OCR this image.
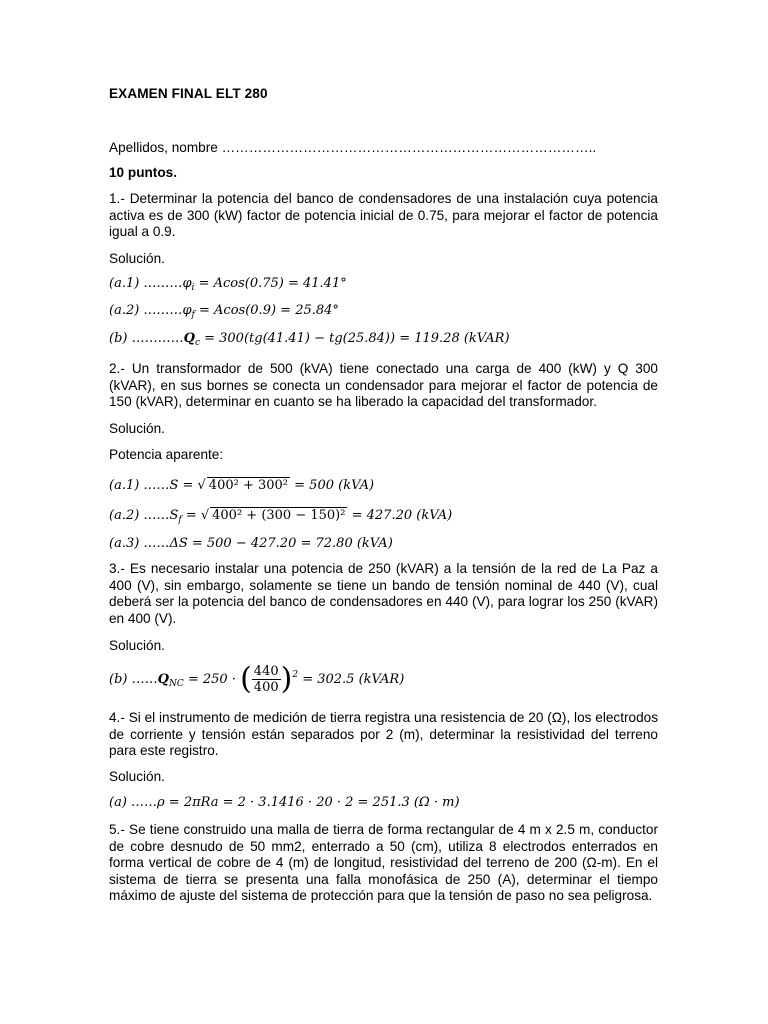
EXAMEN FINAL ELT 280
Apellidos, nombre ………………………………………………………………………..
10 puntos.
1.- Determinar la potencia del banco de condensadores de una instalación cuya potencia activa es de 300 (kW) factor de potencia inicial de 0.75, para mejorar el factor de potencia igual a 0.9.
Solución.
(a.1) $\dots\dots\dots\varphi_i = Acos(0.75) = 41.41^\circ$
(a.2) $\dots\dots\dots\varphi_f = Acos(0.9) = 25.84^\circ$
(b) $\dots\dots\dots\dots Q_c = 300(tg(41.41) - tg(25.84)) = 119.28$ (kVAR)
2.- Un transformador de 500 (kVA) tiene conectado una carga de 400 (kW) y Q 300 (kVAR), en sus bornes se conecta un condensador para mejorar el factor de potencia de 150 (kVAR), determinar en cuanto se ha liberado la capacidad del transformador.
Solución.
Potencia aparente:
(a.1) ……S = √ 400² + 300² = 500 (kVA)
(a.2) $\dots\dots S_f$ = √ 400² + (300 − 150)² = 427.20 (kVA)
(a.3) ……ΔS = 500 − 427.20 = 72.80 (kVA)
3.- Es necesario instalar una potencia de 250 (kVAR) a la tensión de la red de La Paz a 400 (V), sin embargo, solamente se tiene un bando de tensión nominal de 440 (V), cual deberá ser la potencia del banco de condensadores en 440 (V), para lograr los 250 (kVAR) en 400 (V).
Solución.
(b) $\dots\dots Q_{NC} = 250$ · ( $\frac{440}{400} )^2 = 302.5$ (kVAR)
4.- Si el instrumento de medición de tierra registra una resistencia de 20 (Ω), los electrodos de corriente y tensión están separados por 2 (m), determinar la resistividad del terreno para este registro.
Solución.
(a) ……ρ = 2πRa = 2 · 3.1416 · 20 · 2 = 251.3 (Ω · m)
5.- Se tiene construido una malla de tierra de forma rectangular de 4 m x 2.5 m, conductor de cobre desnudo de 50 mm2, enterrado a 50 (cm), utiliza 8 electrodos enterrados en forma vertical de cobre de 4 (m) de longitud, resistividad del terreno de 200 (Ω-m). En el sistema de tierra se presenta una falla monofásica de 250 (A), determinar el tiempo máximo de ajuste del sistema de protección para que la tensión de paso no sea peligrosa.
